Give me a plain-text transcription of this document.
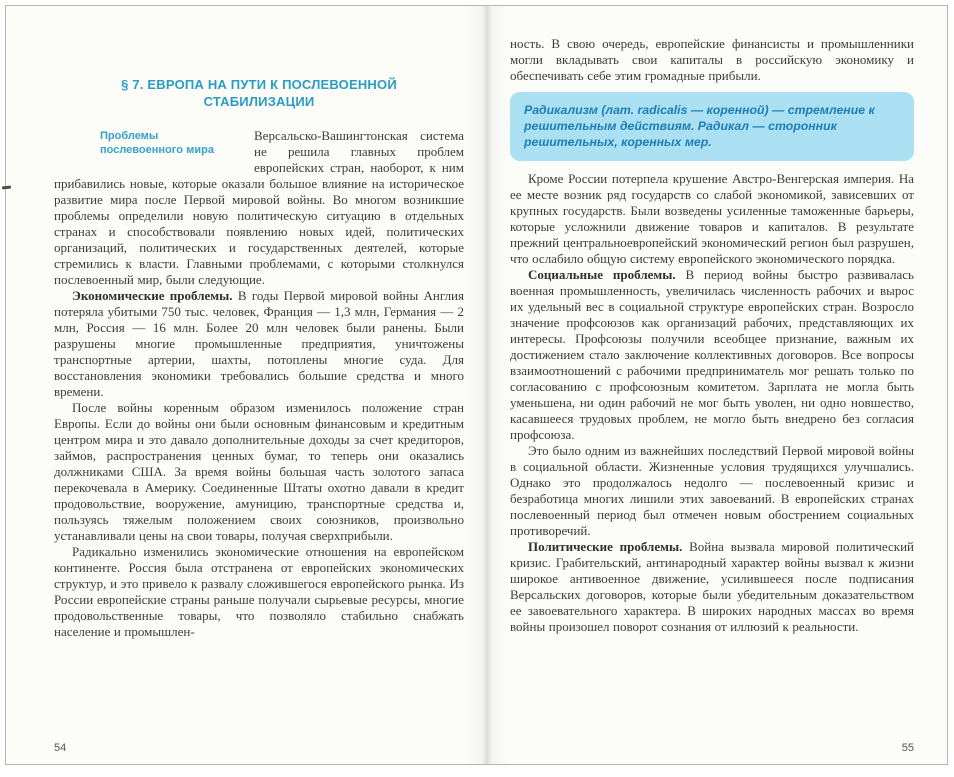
§ 7. ЕВРОПА НА ПУТИ К ПОСЛЕВОЕННОЙ СТАБИЛИЗАЦИИ

Проблемы
послевоенного мира
Версальско-Вашингтонская система не решила главных проблем европейских стран, наоборот, к ним прибавились новые, которые оказали большое влияние на историческое развитие мира после Первой мировой войны. Во многом возникшие проблемы определили новую политическую ситуацию в отдельных странах и способствовали появлению новых идей, политических организаций, политических и государственных деятелей, которые стремились к власти. Главными проблемами, с которыми столкнулся послевоенный мир, были следующие.

Экономические проблемы. В годы Первой мировой войны Англия потеряла убитыми 750 тыс. человек, Франция — 1,3 млн, Германия — 2 млн, Россия — 16 млн. Более 20 млн человек были ранены. Были разрушены многие промышленные предприятия, уничтожены транспортные артерии, шахты, потоплены многие суда. Для восстановления экономики требовались большие средства и много времени.

После войны коренным образом изменилось положение стран Европы. Если до войны они были основным финансовым и кредитным центром мира и это давало дополнительные доходы за счет кредиторов, займов, распространения ценных бумаг, то теперь они оказались должниками США. За время войны большая часть золотого запаса перекочевала в Америку. Соединенные Штаты охотно давали в кредит продовольствие, вооружение, амуницию, транспортные средства и, пользуясь тяжелым положением своих союзников, произвольно устанавливали цены на свои товары, получая сверхприбыли.

Радикально изменились экономические отношения на европейском континенте. Россия была отстранена от европейских экономических структур, и это привело к развалу сложившегося европейского рынка. Из России европейские страны раньше получали сырьевые ресурсы, многие продовольственные товары, что позволяло стабильно снабжать население и промышлен-

54

ность. В свою очередь, европейские финансисты и промышленники могли вкладывать свои капиталы в российскую экономику и обеспечивать себе этим громадные прибыли.

Радикализм (лат. radicalis — коренной) — стремление к решительным действиям. Радикал — сторонник решительных, коренных мер.

Кроме России потерпела крушение Австро-Венгерская империя. На ее месте возник ряд государств со слабой экономикой, зависевших от крупных государств. Были возведены усиленные таможенные барьеры, которые усложнили движение товаров и капиталов. В результате прежний центральноевропейский экономический регион был разрушен, что ослабило общую систему европейского экономического порядка.

Социальные проблемы. В период войны быстро развивалась военная промышленность, увеличилась численность рабочих и вырос их удельный вес в социальной структуре европейских стран. Возросло значение профсоюзов как организаций рабочих, представляющих их интересы. Профсоюзы получили всеобщее признание, важным их достижением стало заключение коллективных договоров. Все вопросы взаимоотношений с рабочими предприниматель мог решать только по согласованию с профсоюзным комитетом. Зарплата не могла быть уменьшена, ни один рабочий не мог быть уволен, ни одно новшество, касавшееся трудовых проблем, не могло быть внедрено без согласия профсоюза.

Это было одним из важнейших последствий Первой мировой войны в социальной области. Жизненные условия трудящихся улучшались. Однако это продолжалось недолго — послевоенный кризис и безработица многих лишили этих завоеваний. В европейских странах послевоенный период был отмечен новым обострением социальных противоречий.

Политические проблемы. Война вызвала мировой политический кризис. Грабительский, антинародный характер войны вызвал к жизни широкое антивоенное движение, усилившееся после подписания Версальских договоров, которые были убедительным доказательством ее завоевательного характера. В широких народных массах во время войны произошел поворот сознания от иллюзий к реальности.

55
